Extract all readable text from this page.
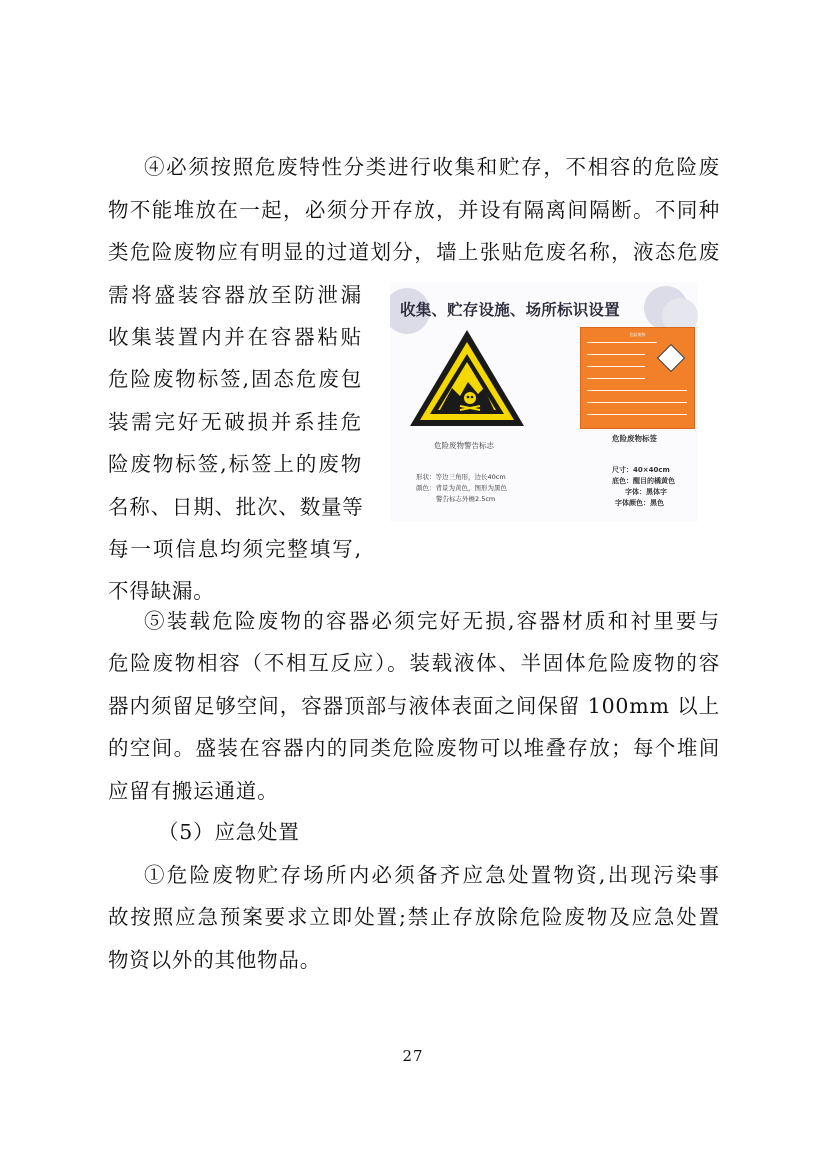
④必须按照危废特性分类进行收集和贮存，不相容的危险废
物不能堆放在一起，必须分开存放，并设有隔离间隔断。不同种
类危险废物应有明显的过道划分，墙上张贴危废名称，液态危废
需将盛装容器放至防泄漏
收集装置内并在容器粘贴
危险废物标签,固态危废包
装需完好无破损并系挂危
险废物标签,标签上的废物
名称、日期、批次、数量等
每一项信息均须完整填写,
不得缺漏。
收集、贮存设施、场所标识设置
危险废物警告标志
形状：等边三角形，边长40cm
颜色：背景为黄色，图形为黑色
警告标志外檐2.5cm
危险废物
危险废物标签
尺寸：40×40cm
底色：醒目的橘黄色
字体：黑体字
字体颜色：黑色
⑤装载危险废物的容器必须完好无损,容器材质和衬里要与
危险废物相容（不相互反应）。装载液体、半固体危险废物的容
器内须留足够空间，容器顶部与液体表面之间保留 100mm 以上
的空间。盛装在容器内的同类危险废物可以堆叠存放；每个堆间
应留有搬运通道。
（5）应急处置
①危险废物贮存场所内必须备齐应急处置物资,出现污染事
故按照应急预案要求立即处置;禁止存放除危险废物及应急处置
物资以外的其他物品。
27
